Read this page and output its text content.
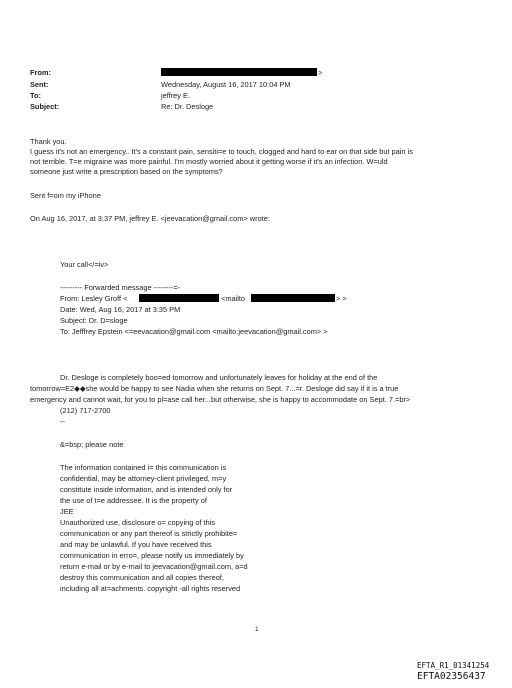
From:	>
Sent:	Wednesday, August 16, 2017 10:04 PM
To:	jeffrey E.
Subject:	Re: Dr. Desloge
Thank you.
I guess it's not an emergency.. It's a constant pain, sensiti=e to touch, clogged and hard to ear on that side but pain is
not terrible. T=e migraine was more painful. I'm mostly worried about it getting worse if it's an infection. W=uld
someone just write a prescription based on the symptoms?
Sent f=om my iPhone
On Aug 16, 2017, at 3:37 PM, jeffrey E. <jeevacation@gmail.com> wrote:
Your call</=iv>
--------- Forwarded message --------=-
From: Lesley Groff <	<mailto	> >
Date: Wed, Aug 16, 2017 at 3:35 PM
Subject: Dr. D=sloge
To: Jefffrey Epstein <=eevacation@gmail.com <mailto:jeevacation@gmail.com> >
Dr. Desloge is completely boo=ed tomorrow and unfortunately leaves for holiday at the end of the
tomorrow=E2◆◆she would be happy to see Nadia when she returns on Sept. 7...=r. Desloge did say if it is a true
emergency and cannot wait, for you to pl=ase call her...but otherwise, she is happy to accommodate on Sept. 7.=br>
(212) 717-2700
--
&=bsp; please note
The information contained i= this communication is
confidential, may be attorney-client privileged, m=y
constitute inside information, and is intended only for
the use of t=e addressee. It is the property of
JEE
Unauthorized use, disclosure o= copying of this
communication or any part thereof is strictly prohibite=
and may be unlawful. If you have received this
communication in erro=, please notify us immediately by
return e-mail or by e-mail to jeevacation@gmail.com, a=d
destroy this communication and all copies thereof,
including all at=achments. copyright -all rights reserved
1
EFTA_R1_01341254
EFTA02356437
